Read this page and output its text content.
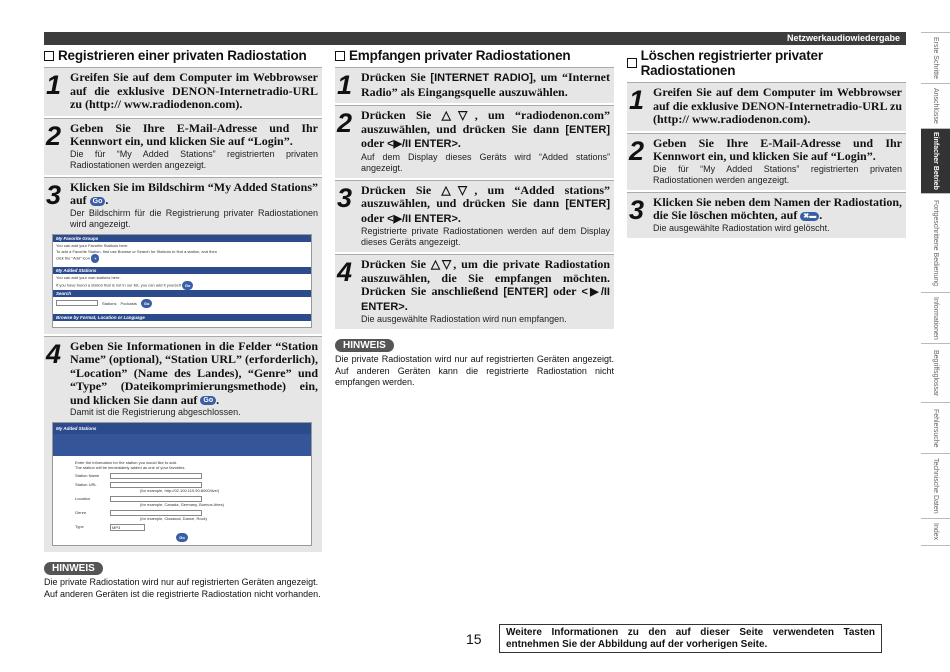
Netzwerkaudiowiedergabe
Registrieren einer privaten Radiostation
1 Greifen Sie auf dem Computer im Webbrowser auf die exklusive DENON-Internetradio-URL zu (http:// www.radiodenon.com).
2 Geben Sie Ihre E-Mail-Adresse und Ihr Kennwort ein, und klicken Sie auf “Login”.
Die für “My Added Stations” registrierten privaten Radiostationen werden angezeigt.
3 Klicken Sie im Bildschirm “My Added Stations” auf Go .
Der Bildschirm für die Registrierung privater Radiostationen wird angezeigt.
My Favorite Groups
You can add your Favorite Stations here.
To add a Favorite Station, first use Browse or Search for Stations to find a station, and then
click the "Add" icon +
My Added Stations
You can add your own stations here.
If you have found a station that is not in our list, you can add it yourself Go
Search
Stations Podcasts	Go
Browse by Format, Location or Language
4 Geben Sie Informationen in die Felder “Station Name” (optional), “Station URL” (erforderlich), “Location” (Name des Landes), “Genre” und “Type” (Dateikomprimierungsmethode) ein, und klicken Sie dann auf Go .
Damit ist die Registrierung abgeschlossen.
My Added Stations
Enter the information for the station you would like to add.
The station will be immediately added as one of your favorites.
Station Name
Station URL
(for example, http://02.100.110.90:8000/live/)
Location
(for example, Canada, Germany, Buenos Aires)
Genre
(for example, Classical, Dance, Rock)
Type	MP3
Go
HINWEIS
Die private Radiostation wird nur auf registrierten Geräten angezeigt. Auf anderen Geräten ist die registrierte Radiostation nicht vorhanden.
Empfangen privater Radiostationen
1 Drücken Sie [INTERNET RADIO], um “Internet Radio” als Eingangsquelle auszuwählen.
2 Drücken Sie △▽, um “radiodenon.com” auszuwählen, und drücken Sie dann [ENTER] oder <▶/II ENTER>.
Auf dem Display dieses Geräts wird “Added stations” angezeigt.
3 Drücken Sie △▽, um “Added stations” auszuwählen, und drücken Sie dann [ENTER] oder <▶/II ENTER>.
Registrierte private Radiostationen werden auf dem Display dieses Geräts angezeigt.
4 Drücken Sie △▽, um die private Radiostation auszuwählen, die Sie empfangen möchten. Drücken Sie anschließend [ENTER] oder <▶/II ENTER>.
Die ausgewählte Radiostation wird nun empfangen.
HINWEIS
Die private Radiostation wird nur auf registrierten Geräten angezeigt. Auf anderen Geräten kann die registrierte Radiostation nicht empfangen werden.
Löschen registrierter privater Radiostationen
1 Greifen Sie auf dem Computer im Webbrowser auf die exklusive DENON-Internetradio-URL zu (http:// www.radiodenon.com).
2 Geben Sie Ihre E-Mail-Adresse und Ihr Kennwort ein, und klicken Sie auf “Login”.
Die für “My Added Stations” registrierten privaten Radiostationen werden angezeigt.
3 Klicken Sie neben dem Namen der Radiostation, die Sie löschen möchten, auf ✖▬ .
Die ausgewählte Radiostation wird gelöscht.
Erste Schritte
Anschlüsse
Einfacher Betrieb
Fortgeschrittene Bedienung
Informationen
Begriffsglossar
Fehlersuche
Technische Daten
Index
15	Weitere Informationen zu den auf dieser Seite verwendeten Tasten entnehmen Sie der Abbildung auf der vorherigen Seite.
